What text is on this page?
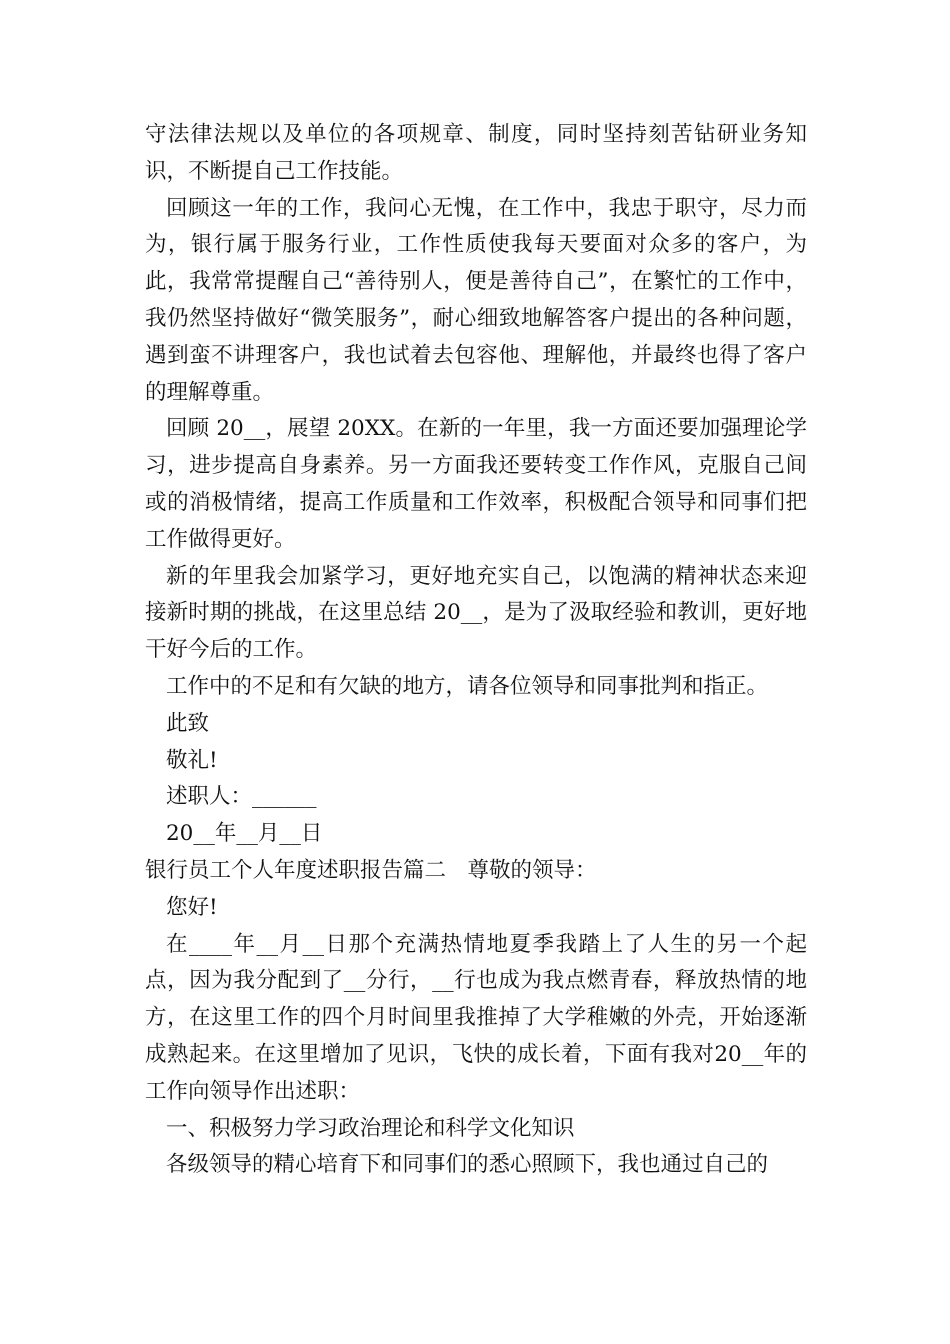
守法律法规以及单位的各项规章、制度，同时坚持刻苦钻研业务知识，不断提自己工作技能。

回顾这一年的工作，我问心无愧，在工作中，我忠于职守，尽力而为，银行属于服务行业，工作性质使我每天要面对众多的客户，为此，我常常提醒自己“善待别人，便是善待自己”，在繁忙的工作中，我仍然坚持做好“微笑服务”，耐心细致地解答客户提出的各种问题，遇到蛮不讲理客户，我也试着去包容他、理解他，并最终也得了客户的理解尊重。

回顾 20__，展望 20XX。在新的一年里，我一方面还要加强理论学习，进步提高自身素养。另一方面我还要转变工作作风，克服自己间或的消极情绪，提高工作质量和工作效率，积极配合领导和同事们把工作做得更好。

新的年里我会加紧学习，更好地充实自己，以饱满的精神状态来迎接新时期的挑战，在这里总结 20__，是为了汲取经验和教训，更好地干好今后的工作。

工作中的不足和有欠缺的地方，请各位领导和同事批判和指正。

此致

敬礼!

述职人：______

20__年__月__日

银行员工个人年度述职报告篇二　尊敬的领导：

您好!

在____年__月__日那个充满热情地夏季我踏上了人生的另一个起点，因为我分配到了__分行，__行也成为我点燃青春，释放热情的地方，在这里工作的四个月时间里我推掉了大学稚嫩的外壳，开始逐渐成熟起来。在这里增加了见识，飞快的成长着，下面有我对20__年的工作向领导作出述职：

一、积极努力学习政治理论和科学文化知识

各级领导的精心培育下和同事们的悉心照顾下，我也通过自己的
